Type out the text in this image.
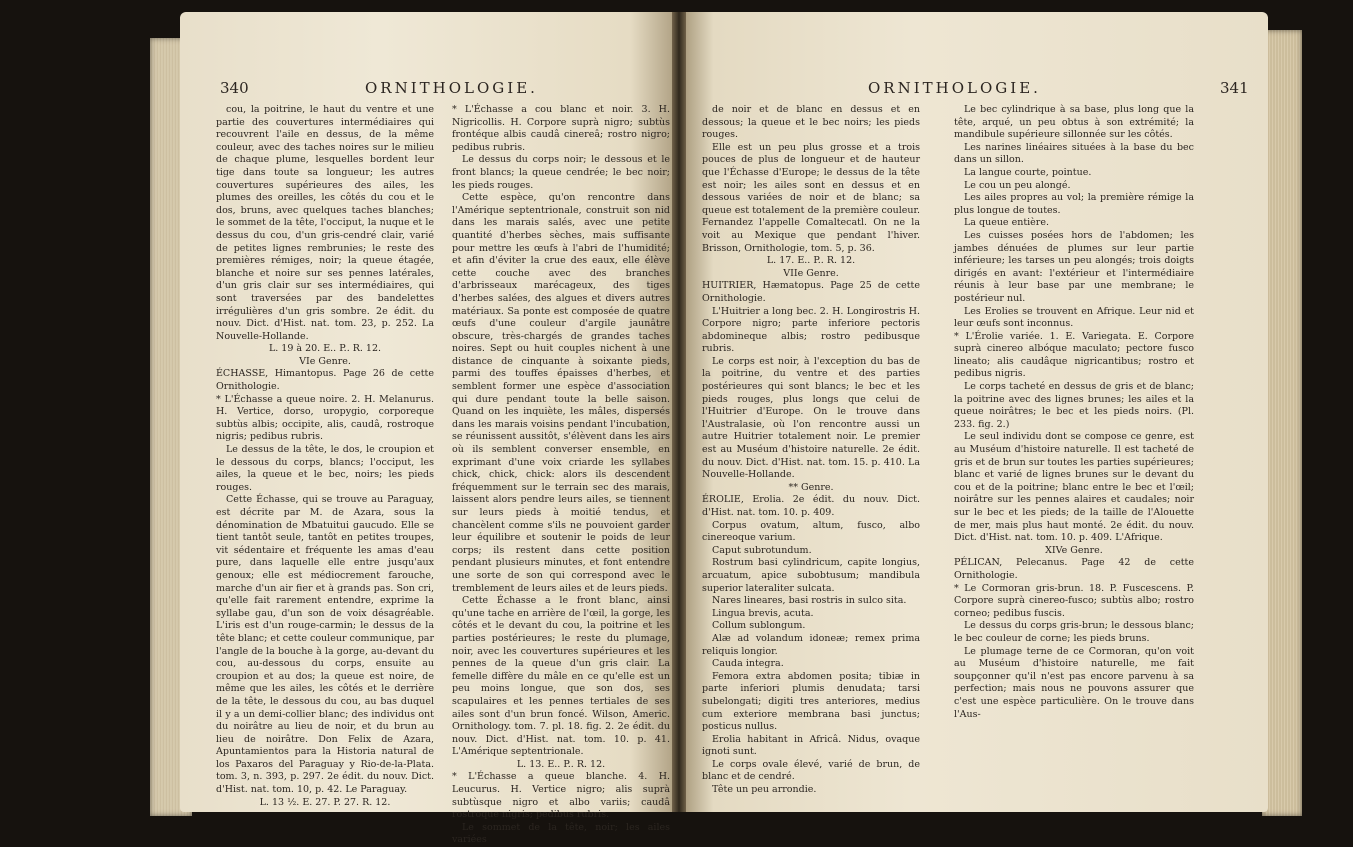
340	ORNITHOLOGIE.

cou, la poitrine, le haut du ventre et une partie des couvertures intermédiaires qui recouvrent l'aile en dessus, de la même couleur, avec des taches noires sur le milieu de chaque plume, lesquelles bordent leur tige dans toute sa longueur; les autres couvertures supérieures des ailes, les plumes des oreilles, les côtés du cou et le dos, bruns, avec quelques taches blanches; le sommet de la tête, l'occiput, la nuque et le dessus du cou, d'un gris-cendré clair, varié de petites lignes rembrunies; le reste des premières rémiges, noir; la queue étagée, blanche et noire sur ses pennes latérales, d'un gris clair sur ses intermédiaires, qui sont traversées par des bandelettes irrégulières d'un gris sombre. 2e édit. du nouv. Dict. d'Hist. nat. tom. 23, p. 252. La Nouvelle-Hollande.

L. 19 à 20. E.. P.. R. 12.

VIe Genre.

ÉCHASSE, Himantopus. Page 26 de cette Ornithologie.

* L'Échasse a queue noire. 2. H. Melanurus. H. Vertice, dorso, uropygio, corporeque subtùs albis; occipite, alis, caudâ, rostroque nigris; pedibus rubris.

Le dessus de la tête, le dos, le croupion et le dessous du corps, blancs; l'occiput, les ailes, la queue et le bec, noirs; les pieds rouges.

Cette Échasse, qui se trouve au Paraguay, est décrite par M. de Azara, sous la dénomination de Mbatuitui gaucudo. Elle se tient tantôt seule, tantôt en petites troupes, vit sédentaire et fréquente les amas d'eau pure, dans laquelle elle entre jusqu'aux genoux; elle est médiocrement farouche, marche d'un air fier et à grands pas. Son cri, qu'elle fait rarement entendre, exprime la syllabe gau, d'un son de voix désagréable. L'iris est d'un rouge-carmin; le dessus de la tête blanc; et cette couleur communique, par l'angle de la bouche à la gorge, au-devant du cou, au-dessous du corps, ensuite au croupion et au dos; la queue est noire, de même que les ailes, les côtés et le derrière de la tête, le dessous du cou, au bas duquel il y a un demi-collier blanc; des individus ont du noirâtre au lieu de noir, et du brun au lieu de noirâtre. Don Felix de Azara, Apuntamientos para la Historia natural de los Paxaros del Paraguay y Rio-de-la-Plata. tom. 3, n. 393, p. 297. 2e édit. du nouv. Dict. d'Hist. nat. tom. 10, p. 42. Le Paraguay.

L. 13 ½. E. 27. P. 27. R. 12.

* L'Échasse a cou blanc et noir. 3. H. Nigricollis. H. Corpore suprà nigro; subtùs frontéque albis caudâ cinereâ; rostro nigro; pedibus rubris.

Le dessus du corps noir; le dessous et le front blancs; la queue cendrée; le bec noir; les pieds rouges.

Cette espèce, qu'on rencontre dans l'Amérique septentrionale, construit son nid dans les marais salés, avec une petite quantité d'herbes sèches, mais suffisante pour mettre les œufs à l'abri de l'humidité; et afin d'éviter la crue des eaux, elle élève cette couche avec des branches d'arbrisseaux marécageux, des tiges d'herbes salées, des algues et divers autres matériaux. Sa ponte est composée de quatre œufs d'une couleur d'argile jaunâtre obscure, très-chargés de grandes taches noires. Sept ou huit couples nichent à une distance de cinquante à soixante pieds, parmi des touffes épaisses d'herbes, et semblent former une espèce d'association qui dure pendant toute la belle saison. Quand on les inquiète, les mâles, dispersés dans les marais voisins pendant l'incubation, se réunissent aussitôt, s'élèvent dans les airs où ils semblent converser ensemble, en exprimant d'une voix criarde les syllabes chick, chick, chick: alors ils descendent fréquemment sur le terrain sec des marais, laissent alors pendre leurs ailes, se tiennent sur leurs pieds à moitié tendus, et chancèlent comme s'ils ne pouvoient garder leur équilibre et soutenir le poids de leur corps; ils restent dans cette position pendant plusieurs minutes, et font entendre une sorte de son qui correspond avec le tremblement de leurs ailes et de leurs pieds.

Cette Échasse a le front blanc, ainsi qu'une tache en arrière de l'œil, la gorge, les côtés et le devant du cou, la poitrine et les parties postérieures; le reste du plumage, noir, avec les couvertures supérieures et les pennes de la queue d'un gris clair. La femelle diffère du mâle en ce qu'elle est un peu moins longue, que son dos, ses scapulaires et les pennes tertiales de ses ailes sont d'un brun foncé. Wilson, Americ. Ornithology. tom. 7. pl. 18. fig. 2. 2e édit. du nouv. Dict. d'Hist. nat. tom. 10. p. 41. L'Amérique septentrionale.

L. 13. E.. P.. R. 12.

* L'Échasse a queue blanche. 4. H. Leucurus. H. Vertice nigro; alis suprà subtùsque nigro et albo variis; caudâ rostroque nigris; pedibus rubris.

Le sommet de la tête, noir; les ailes variées

ORNITHOLOGIE.	341

de noir et de blanc en dessus et en dessous; la queue et le bec noirs; les pieds rouges.

Elle est un peu plus grosse et a trois pouces de plus de longueur et de hauteur que l'Échasse d'Europe; le dessus de la tête est noir; les ailes sont en dessus et en dessous variées de noir et de blanc; sa queue est totalement de la première couleur. Fernandez l'appelle Comaltecatl. On ne la voit au Mexique que pendant l'hiver. Brisson, Ornithologie, tom. 5, p. 36.

L. 17. E.. P.. R. 12.

VIIe Genre.

HUITRIER, Hæmatopus. Page 25 de cette Ornithologie.

L'Huitrier a long bec. 2. H. Longirostris H. Corpore nigro; parte inferiore pectoris abdomineque albis; rostro pedibusque rubris.

Le corps est noir, à l'exception du bas de la poitrine, du ventre et des parties postérieures qui sont blancs; le bec et les pieds rouges, plus longs que celui de l'Huitrier d'Europe. On le trouve dans l'Australasie, où l'on rencontre aussi un autre Huitrier totalement noir. Le premier est au Muséum d'histoire naturelle. 2e édit. du nouv. Dict. d'Hist. nat. tom. 15. p. 410. La Nouvelle-Hollande.

** Genre.

ÉROLIE, Erolia. 2e édit. du nouv. Dict. d'Hist. nat. tom. 10. p. 409.

Corpus ovatum, altum, fusco, albo cinereoque varium.

Caput subrotundum.

Rostrum basi cylindricum, capite longius, arcuatum, apice subobtusum; mandibula superior lateraliter sulcata.

Nares lineares, basi rostris in sulco sita.

Lingua brevis, acuta.

Collum sublongum.

Alæ ad volandum idoneæ; remex prima reliquis longior.

Cauda integra.

Femora extra abdomen posita; tibiæ in parte inferiori plumis denudata; tarsi subelongati; digiti tres anteriores, medius cum exteriore membrana basi junctus; posticus nullus.

Erolia habitant in Africâ. Nidus, ovaque ignoti sunt.

Le corps ovale élevé, varié de brun, de blanc et de cendré.

Tête un peu arrondie.

Le bec cylindrique à sa base, plus long que la tête, arqué, un peu obtus à son extrémité; la mandibule supérieure sillonnée sur les côtés.

Les narines linéaires situées à la base du bec dans un sillon.

La langue courte, pointue.

Le cou un peu alongé.

Les ailes propres au vol; la première rémige la plus longue de toutes.

La queue entière.

Les cuisses posées hors de l'abdomen; les jambes dénuées de plumes sur leur partie inférieure; les tarses un peu alongés; trois doigts dirigés en avant: l'extérieur et l'intermédiaire réunis à leur base par une membrane; le postérieur nul.

Les Erolies se trouvent en Afrique. Leur nid et leur œufs sont inconnus.

* L'Érolie variée. 1. E. Variegata. E. Corpore suprà cinereo albóque maculato; pectore fusco lineato; alis caudâque nigricantibus; rostro et pedibus nigris.

Le corps tacheté en dessus de gris et de blanc; la poitrine avec des lignes brunes; les ailes et la queue noirâtres; le bec et les pieds noirs. (Pl. 233. fig. 2.)

Le seul individu dont se compose ce genre, est au Muséum d'histoire naturelle. Il est tacheté de gris et de brun sur toutes les parties supérieures; blanc et varié de lignes brunes sur le devant du cou et de la poitrine; blanc entre le bec et l'œil; noirâtre sur les pennes alaires et caudales; noir sur le bec et les pieds; de la taille de l'Alouette de mer, mais plus haut monté. 2e édit. du nouv. Dict. d'Hist. nat. tom. 10. p. 409. L'Afrique.

XIVe Genre.

PÉLICAN, Pelecanus. Page 42 de cette Ornithologie.

* Le Cormoran gris-brun. 18. P. Fuscescens. P. Corpore suprà cinereo-fusco; subtùs albo; rostro corneo; pedibus fuscis.

Le dessus du corps gris-brun; le dessous blanc; le bec couleur de corne; les pieds bruns.

Le plumage terne de ce Cormoran, qu'on voit au Muséum d'histoire naturelle, me fait soupçonner qu'il n'est pas encore parvenu à sa perfection; mais nous ne pouvons assurer que c'est une espèce particulière. On le trouve dans l'Aus-
